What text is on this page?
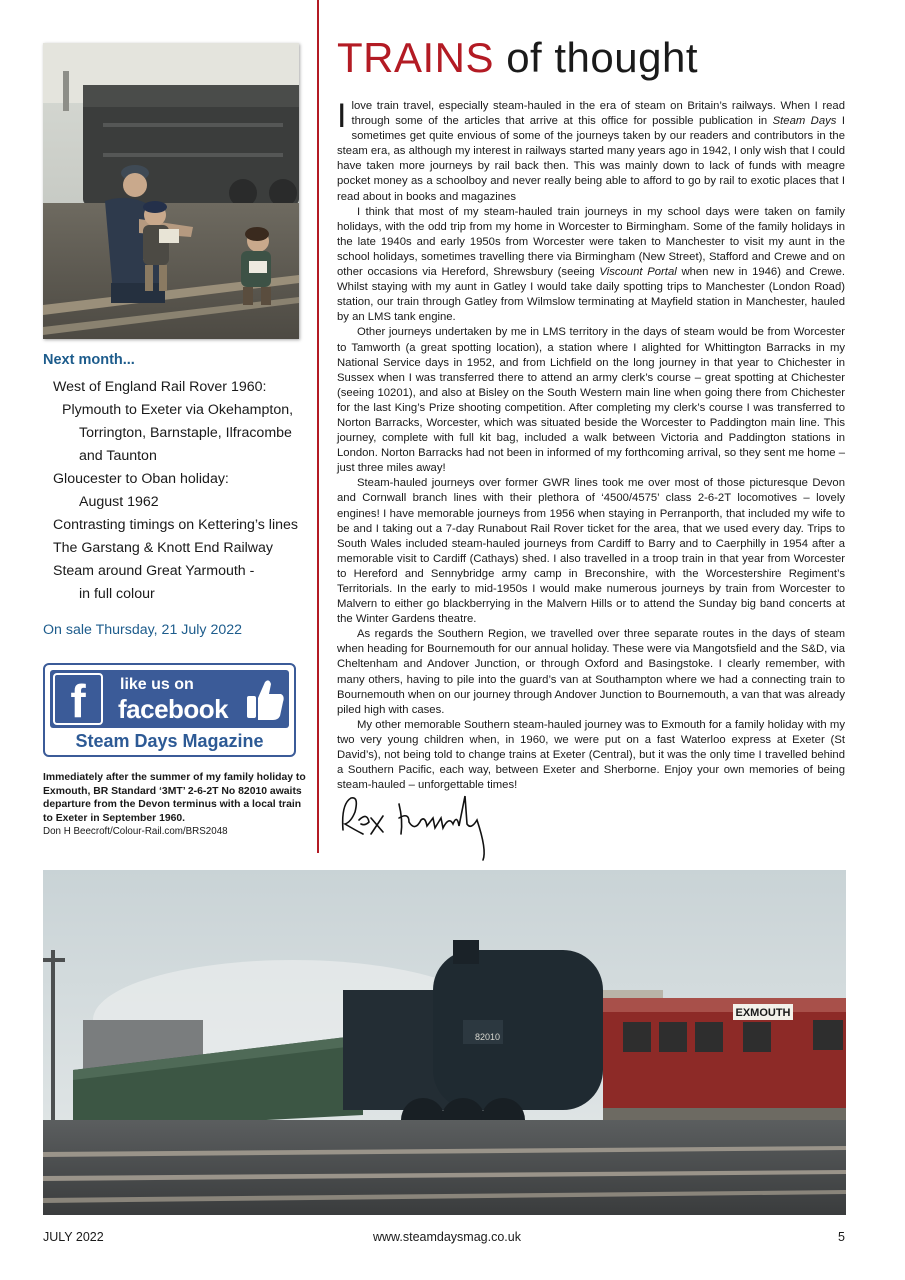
TRAINS of thought
Next month...
West of England Rail Rover 1960:
Plymouth to Exeter via Okehampton,
Torrington, Barnstaple, Ilfracombe
and Taunton
Gloucester to Oban holiday:
August 1962
Contrasting timings on Kettering’s lines
The Garstang & Knott End Railway
Steam around Great Yarmouth -
in full colour
On sale Thursday, 21 July 2022
f	like us on
facebook
Steam Days Magazine
Immediately after the summer of my family holiday to Exmouth, BR Standard ‘3MT’ 2-6-2T No 82010 awaits departure from the Devon terminus with a local train to Exeter in September 1960.
Don H Beecroft/Colour-Rail.com/BRS2048

I love train travel, especially steam-hauled in the era of steam on Britain’s railways. When I read through some of the articles that arrive at this office for possible publication in Steam Days I sometimes get quite envious of some of the journeys taken by our readers and contributors in the steam era, as although my interest in railways started many years ago in 1942, I only wish that I could have taken more journeys by rail back then. This was mainly down to lack of funds with meagre pocket money as a schoolboy and never really being able to afford to go by rail to exotic places that I read about in books and magazines

I think that most of my steam-hauled train journeys in my school days were taken on family holidays, with the odd trip from my home in Worcester to Birmingham. Some of the family holidays in the late 1940s and early 1950s from Worcester were taken to Manchester to visit my aunt in the school holidays, sometimes travelling there via Birmingham (New Street), Stafford and Crewe and on other occasions via Hereford, Shrewsbury (seeing Viscount Portal when new in 1946) and Crewe. Whilst staying with my aunt in Gatley I would take daily spotting trips to Manchester (London Road) station, our train through Gatley from Wilmslow terminating at Mayfield station in Manchester, hauled by an LMS tank engine.

Other journeys undertaken by me in LMS territory in the days of steam would be from Worcester to Tamworth (a great spotting location), a station where I alighted for Whittington Barracks in my National Service days in 1952, and from Lichfield on the long journey in that year to Chichester in Sussex when I was transferred there to attend an army clerk’s course – great spotting at Chichester (seeing 10201), and also at Bisley on the South Western main line when going there from Chichester for the last King’s Prize shooting competition. After completing my clerk’s course I was transferred to Norton Barracks, Worcester, which was situated beside the Worcester to Paddington main line. This journey, complete with full kit bag, included a walk between Victoria and Paddington stations in London. Norton Barracks had not been in informed of my forthcoming arrival, so they sent me home – just three miles away!

Steam-hauled journeys over former GWR lines took me over most of those picturesque Devon and Cornwall branch lines with their plethora of ‘4500/4575’ class 2-6-2T locomotives – lovely engines! I have memorable journeys from 1956 when staying in Perranporth, that included my wife to be and I taking out a 7-day Runabout Rail Rover ticket for the area, that we used every day. Trips to South Wales included steam-hauled journeys from Cardiff to Barry and to Caerphilly in 1954 after a memorable visit to Cardiff (Cathays) shed. I also travelled in a troop train in that year from Worcester to Hereford and Sennybridge army camp in Breconshire, with the Worcestershire Regiment’s Territorials. In the early to mid-1950s I would make numerous journeys by train from Worcester to Malvern to either go blackberrying in the Malvern Hills or to attend the Sunday big band concerts at the Winter Gardens theatre.

As regards the Southern Region, we travelled over three separate routes in the days of steam when heading for Bournemouth for our annual holiday. These were via Mangotsfield and the S&D, via Cheltenham and Andover Junction, or through Oxford and Basingstoke. I clearly remember, with many others, having to pile into the guard’s van at Southampton where we had a connecting train to Bournemouth when on our journey through Andover Junction to Bournemouth, a van that was already piled high with cases.

My other memorable Southern steam-hauled journey was to Exmouth for a family holiday with my two very young children when, in 1960, we were put on a fast Waterloo express at Exeter (St David’s), not being told to change trains at Exeter (Central), but it was the only time I travelled behind a Southern Pacific, each way, between Exeter and Sherborne. Enjoy your own memories of being steam-hauled – unforgettable times!

EXMOUTH
82010
JULY 2022	www.steamdaysmag.co.uk	5
